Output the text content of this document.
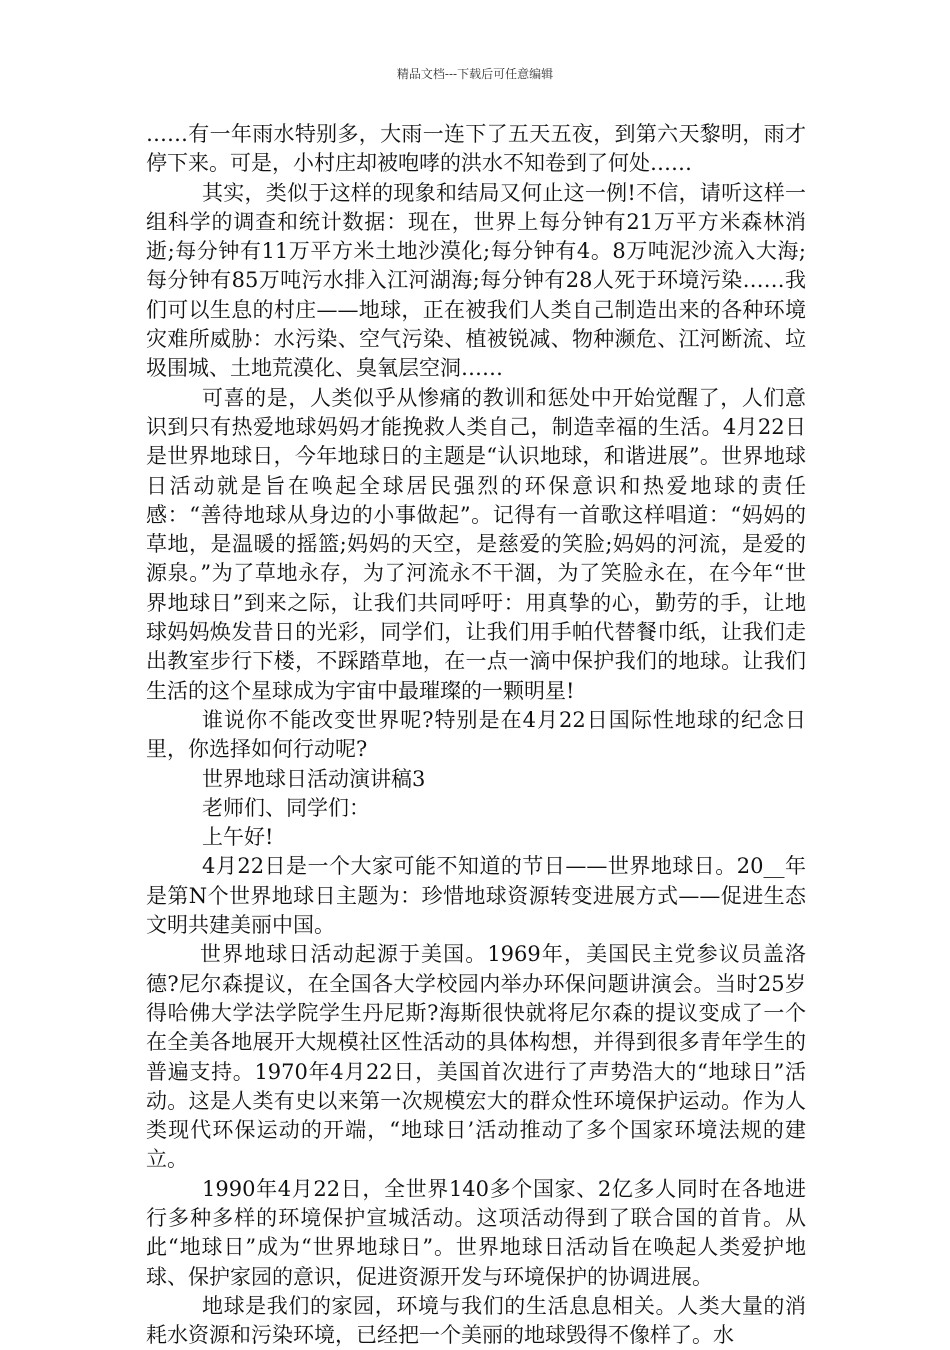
精品文档---下载后可任意编辑

……有一年雨水特别多，大雨一连下了五天五夜，到第六天黎明，雨才停下来。可是，小村庄却被咆哮的洪水不知卷到了何处……

其实，类似于这样的现象和结局又何止这一例!不信，请听这样一组科学的调查和统计数据：现在，世界上每分钟有21万平方米森林消逝;每分钟有11万平方米土地沙漠化;每分钟有4。8万吨泥沙流入大海;每分钟有85万吨污水排入江河湖海;每分钟有28人死于环境污染……我们可以生息的村庄——地球，正在被我们人类自己制造出来的各种环境灾难所威胁：水污染、空气污染、植被锐减、物种濒危、江河断流、垃圾围城、土地荒漠化、臭氧层空洞……

可喜的是，人类似乎从惨痛的教训和惩处中开始觉醒了，人们意识到只有热爱地球妈妈才能挽救人类自己，制造幸福的生活。4月22日是世界地球日，今年地球日的主题是“认识地球，和谐进展”。世界地球日活动就是旨在唤起全球居民强烈的环保意识和热爱地球的责任感：“善待地球从身边的小事做起”。记得有一首歌这样唱道：“妈妈的草地，是温暖的摇篮;妈妈的天空，是慈爱的笑脸;妈妈的河流，是爱的源泉。”为了草地永存，为了河流永不干涸，为了笑脸永在，在今年“世界地球日”到来之际，让我们共同呼吁：用真挚的心，勤劳的手，让地球妈妈焕发昔日的光彩，同学们，让我们用手帕代替餐巾纸，让我们走出教室步行下楼，不踩踏草地，在一点一滴中保护我们的地球。让我们生活的这个星球成为宇宙中最璀璨的一颗明星!

谁说你不能改变世界呢?特别是在4月22日国际性地球的纪念日里，你选择如何行动呢?

世界地球日活动演讲稿3

老师们、同学们：

上午好!

4月22日是一个大家可能不知道的节日——世界地球日。20__年是第N个世界地球日主题为：珍惜地球资源转变进展方式——促进生态文明共建美丽中国。

世界地球日活动起源于美国。1969年，美国民主党参议员盖洛德?尼尔森提议，在全国各大学校园内举办环保问题讲演会。当时25岁得哈佛大学法学院学生丹尼斯?海斯很快就将尼尔森的提议变成了一个在全美各地展开大规模社区性活动的具体构想，并得到很多青年学生的普遍支持。1970年4月22日，美国首次进行了声势浩大的“地球日”活动。这是人类有史以来第一次规模宏大的群众性环境保护运动。作为人类现代环保运动的开端，“地球日’活动推动了多个国家环境法规的建立。

1990年4月22日，全世界140多个国家、2亿多人同时在各地进行多种多样的环境保护宣城活动。这项活动得到了联合国的首肯。从此“地球日”成为“世界地球日”。世界地球日活动旨在唤起人类爱护地球、保护家园的意识，促进资源开发与环境保护的协调进展。

地球是我们的家园，环境与我们的生活息息相关。人类大量的消耗水资源和污染环境，已经把一个美丽的地球毁得不像样了。水
